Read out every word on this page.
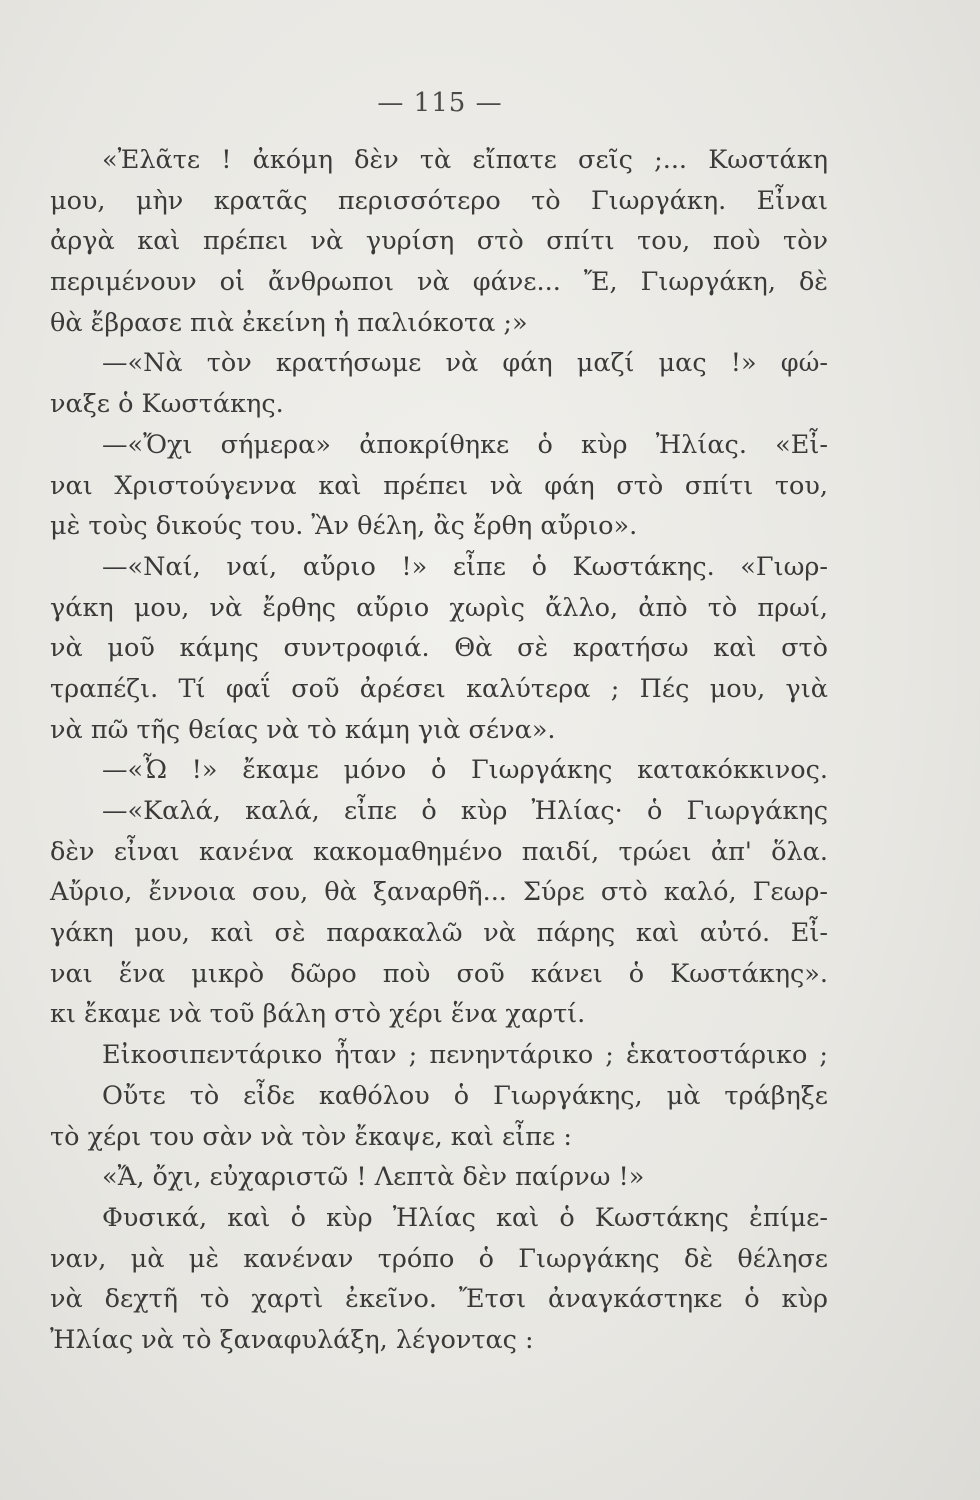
— 115 —
«Ἐλᾶτε ! ἀκόμη δὲν τὰ εἴπατε σεῖς ;... Κωστάκη
μου, μὴν κρατᾶς περισσότερο τὸ Γιωργάκη. Εἶναι
ἀργὰ καὶ πρέπει νὰ γυρίση στὸ σπίτι του, ποὺ τὸν
περιμένουν οἱ ἄνθρωποι νὰ φάνε... Ἔ, Γιωργάκη, δὲ
θὰ ἔβρασε πιὰ ἐκείνη ἡ παλιόκοτα ;»
—«Νὰ τὸν κρατήσωμε νὰ φάη μαζί μας !» φώ-
ναξε ὁ Κωστάκης.
—«Ὄχι σήμερα» ἀποκρίθηκε ὁ κὺρ Ἠλίας. «Εἶ-
ναι Χριστούγεννα καὶ πρέπει νὰ φάη στὸ σπίτι του,
μὲ τοὺς δικούς του. Ἂν θέλη, ἂς ἔρθη αὔριο».
—«Ναί, ναί, αὔριο !» εἶπε ὁ Κωστάκης. «Γιωρ-
γάκη μου, νὰ ἔρθης αὔριο χωρὶς ἄλλο, ἀπὸ τὸ πρωί,
νὰ μοῦ κάμης συντροφιά. Θὰ σὲ κρατήσω καὶ στὸ
τραπέζι. Τί φαΐ σοῦ ἀρέσει καλύτερα ; Πές μου, γιὰ
νὰ πῶ τῆς θείας νὰ τὸ κάμη γιὰ σένα».
—«Ὦ !» ἔκαμε μόνο ὁ Γιωργάκης κατακόκκινος.
—«Καλά, καλά, εἶπε ὁ κὺρ Ἠλίας· ὁ Γιωργάκης
δὲν εἶναι κανένα κακομαθημένο παιδί, τρώει ἀπ' ὅλα.
Αὔριο, ἔννοια σου, θὰ ξαναρθῆ... Σύρε στὸ καλό, Γεωρ-
γάκη μου, καὶ σὲ παρακαλῶ νὰ πάρης καὶ αὐτό. Εἶ-
ναι ἕνα μικρὸ δῶρο ποὺ σοῦ κάνει ὁ Κωστάκης».
κι ἔκαμε νὰ τοῦ βάλη στὸ χέρι ἕνα χαρτί.
Εἰκοσιπεντάρικο ἦταν ; πενηντάρικο ; ἑκατοστάρικο ;
Οὔτε τὸ εἶδε καθόλου ὁ Γιωργάκης, μὰ τράβηξε
τὸ χέρι του σὰν νὰ τὸν ἔκαψε, καὶ εἶπε :
«Ἄ, ὄχι, εὐχαριστῶ ! Λεπτὰ δὲν παίρνω !»
Φυσικά, καὶ ὁ κὺρ Ἠλίας καὶ ὁ Κωστάκης ἐπίμε-
ναν, μὰ μὲ κανέναν τρόπο ὁ Γιωργάκης δὲ θέλησε
νὰ δεχτῆ τὸ χαρτὶ ἐκεῖνο. Ἔτσι ἀναγκάστηκε ὁ κὺρ
Ἠλίας νὰ τὸ ξαναφυλάξη, λέγοντας :
